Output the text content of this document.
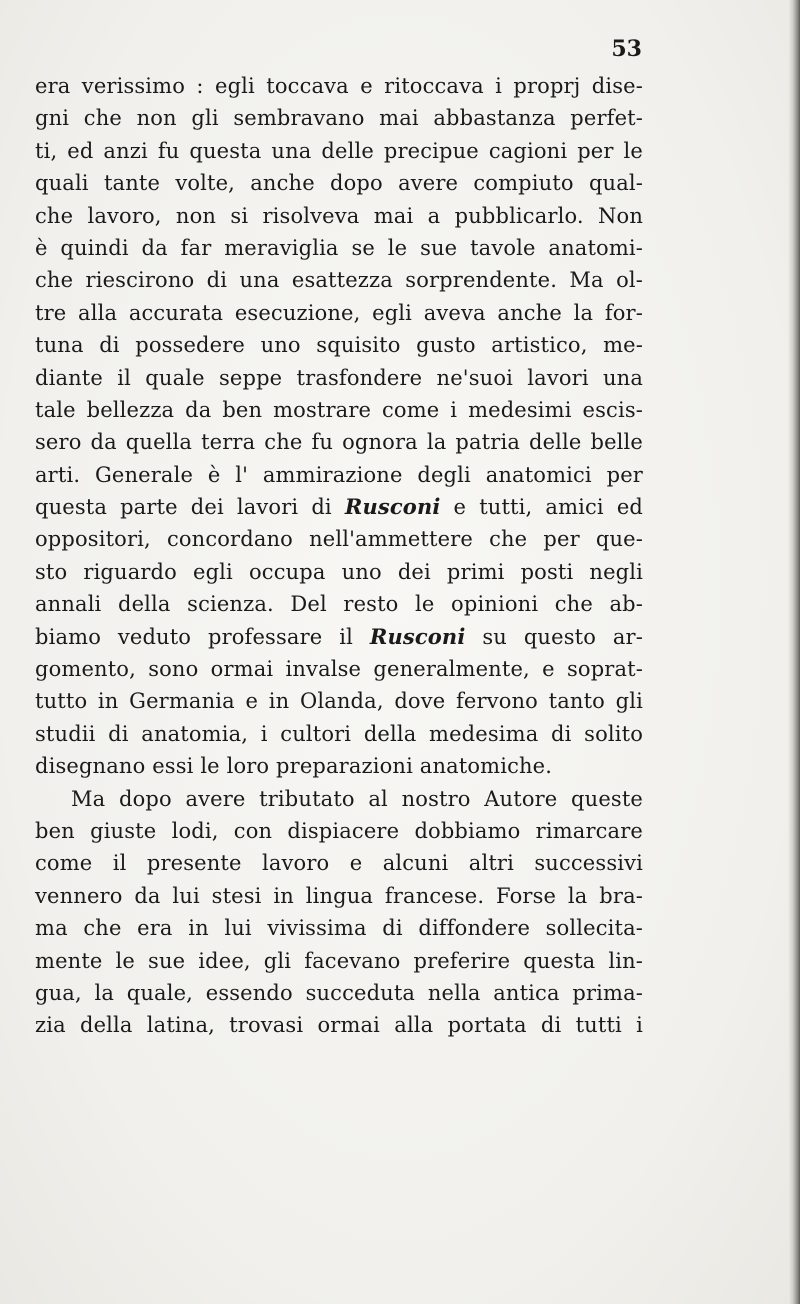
53
era verissimo : egli toccava e ritoccava i proprj dise-
gni che non gli sembravano mai abbastanza perfet-
ti, ed anzi fu questa una delle precipue cagioni per le
quali tante volte, anche dopo avere compiuto qual-
che lavoro, non si risolveva mai a pubblicarlo. Non
è quindi da far meraviglia se le sue tavole anatomi-
che riescirono di una esattezza sorprendente. Ma ol-
tre alla accurata esecuzione, egli aveva anche la for-
tuna di possedere uno squisito gusto artistico, me-
diante il quale seppe trasfondere ne'suoi lavori una
tale bellezza da ben mostrare come i medesimi escis-
sero da quella terra che fu ognora la patria delle belle
arti. Generale è l' ammirazione degli anatomici per
questa parte dei lavori di Rusconi e tutti, amici ed
oppositori, concordano nell'ammettere che per que-
sto riguardo egli occupa uno dei primi posti negli
annali della scienza. Del resto le opinioni che ab-
biamo veduto professare il Rusconi su questo ar-
gomento, sono ormai invalse generalmente, e soprat-
tutto in Germania e in Olanda, dove fervono tanto gli
studii di anatomia, i cultori della medesima di solito
disegnano essi le loro preparazioni anatomiche.
Ma dopo avere tributato al nostro Autore queste
ben giuste lodi, con dispiacere dobbiamo rimarcare
come il presente lavoro e alcuni altri successivi
vennero da lui stesi in lingua francese. Forse la bra-
ma che era in lui vivissima di diffondere sollecita-
mente le sue idee, gli facevano preferire questa lin-
gua, la quale, essendo succeduta nella antica prima-
zia della latina, trovasi ormai alla portata di tutti i
